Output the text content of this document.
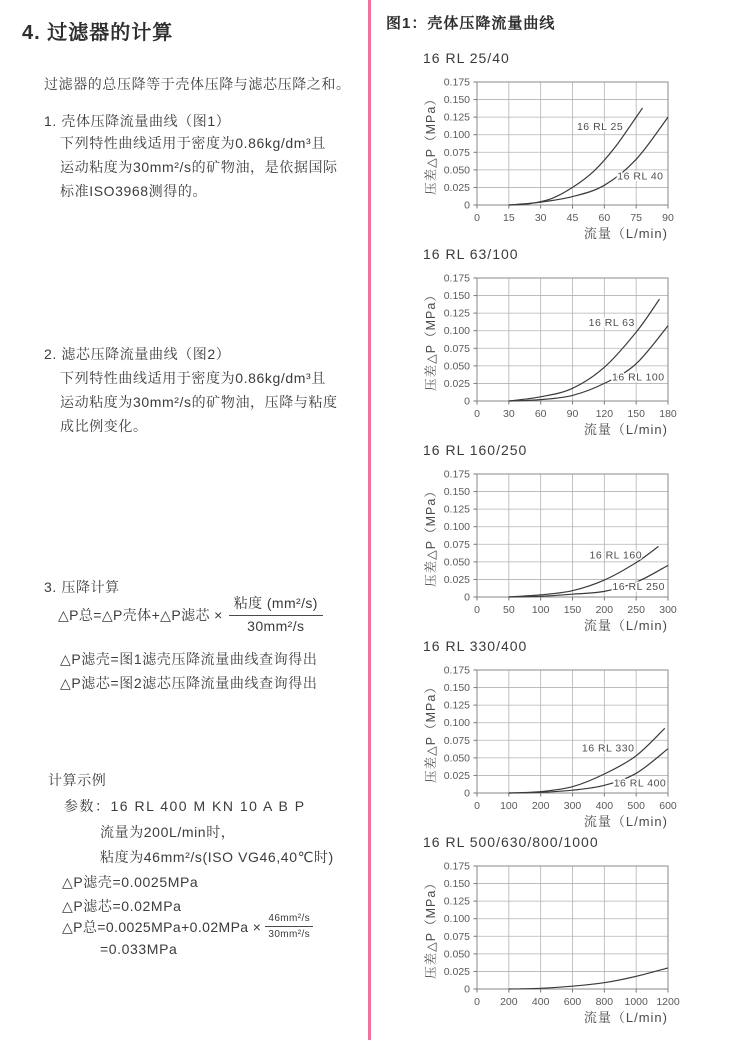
4. 过滤器的计算
过滤器的总压降等于壳体压降与滤芯压降之和。
1. 壳体压降流量曲线（图1）
下列特性曲线适用于密度为0.86kg/dm³且
运动粘度为30mm²/s的矿物油，是依据国际
标准ISO3968测得的。
2. 滤芯压降流量曲线（图2）
下列特性曲线适用于密度为0.86kg/dm³且
运动粘度为30mm²/s的矿物油，压降与粘度
成比例变化。
3. 压降计算
△P总=△P壳体+△P滤芯 × $\frac{\text{粘度 (mm²/s)}}{\text{30mm²/s}}$
△P滤壳=图1滤壳压降流量曲线查询得出
△P滤芯=图2滤芯压降流量曲线查询得出
计算示例
参数：16 RL 400 M KN 10 A B P
流量为200L/min时，
粘度为46mm²/s(ISO VG46,40℃时)
△P滤壳=0.0025MPa
△P滤芯=0.02MPa
△P总$=0.0025MPa+0.02MPa \times \frac{\text{46mm²/s}}{\text{30mm²/s}}$
=0.033MPa
图1：壳体压降流量曲线
16 RL 25/40
0 15 30 45 60 75 90
0
0.025
0.050
0.075
0.100
0.125
0.150
0.175
压差△P（MPa）
流量（L/min)
16 RL 25
16 RL 40
16 RL 63/100
0 30 60 90 120 150 180
0
0.025
0.050
0.075
0.100
0.125
0.150
0.175
压差△P（MPa）
流量（L/min)
16 RL 63
16 RL 100
16 RL 160/250
0 50 100 150 200 250 300
0
0.025
0.050
0.075
0.100
0.125
0.150
0.175
压差△P（MPa）
流量（L/min)
16 RL 160
16 RL 250
16 RL 330/400
0 100 200 300 400 500 600
0
0.025
0.050
0.075
0.100
0.125
0.150
0.175
压差△P（MPa）
流量（L/min)
16 RL 330
16 RL 400
16 RL 500/630/800/1000
0 200 400 600 800 1000 1200
0
0.025
0.050
0.075
0.100
0.125
0.150
0.175
压差△P（MPa）
流量（L/min)
